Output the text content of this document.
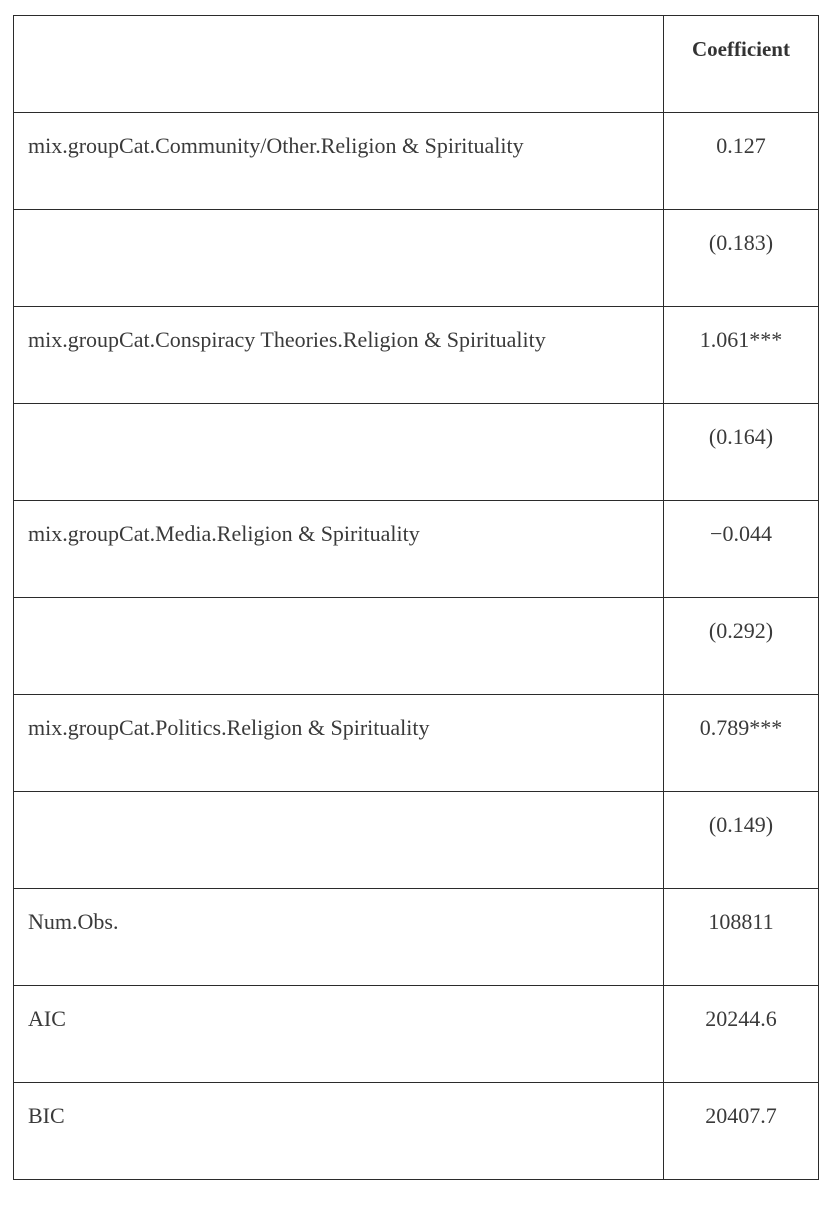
	Coefficient

mix.groupCat.Community/Other.Religion & Spirituality	0.127

	(0.183)

mix.groupCat.Conspiracy Theories.Religion & Spirituality	1.061***

	(0.164)

mix.groupCat.Media.Religion & Spirituality	−0.044

	(0.292)

mix.groupCat.Politics.Religion & Spirituality	0.789***

	(0.149)

Num.Obs.	108811

AIC	20244.6

BIC	20407.7
